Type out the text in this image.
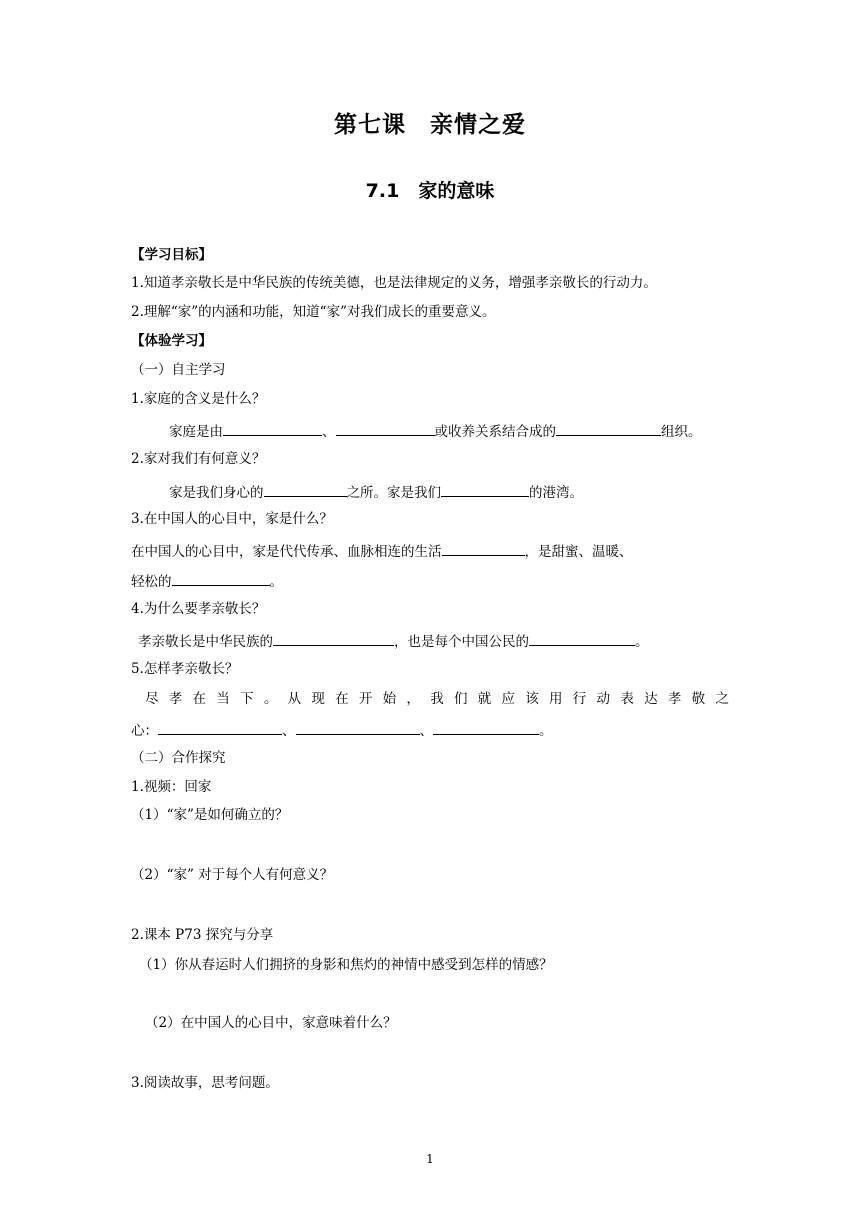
第七课　亲情之爱
7.1　家的意味
【学习目标】
1.知道孝亲敬长是中华民族的传统美德，也是法律规定的义务，增强孝亲敬长的行动力。
2.理解“家”的内涵和功能，知道“家”对我们成长的重要意义。
【体验学习】
（一）自主学习
1.家庭的含义是什么？
家庭是由	、	或收养关系结合成的	组织。
2.家对我们有何意义？
家是我们身心的	之所。家是我们	的港湾。
3.在中国人的心目中，家是什么？
在中国人的心目中，家是代代传承、血脉相连的生活	，是甜蜜、温暖、
轻松的	。
4.为什么要孝亲敬长？
孝亲敬长是中华民族的	，也是每个中国公民的	。
5.怎样孝亲敬长？
尽 孝 在 当 下 。 从 现 在 开 始 ， 我 们 就 应 该 用 行 动 表 达 孝 敬 之
心：	、	、	。
（二）合作探究
1.视频：回家
（1）“家”是如何确立的？
（2）“家” 对于每个人有何意义？
2.课本 P73 探究与分享
（1）你从春运时人们拥挤的身影和焦灼的神情中感受到怎样的情感？
（2）在中国人的心目中，家意味着什么？
3.阅读故事，思考问题。
1
